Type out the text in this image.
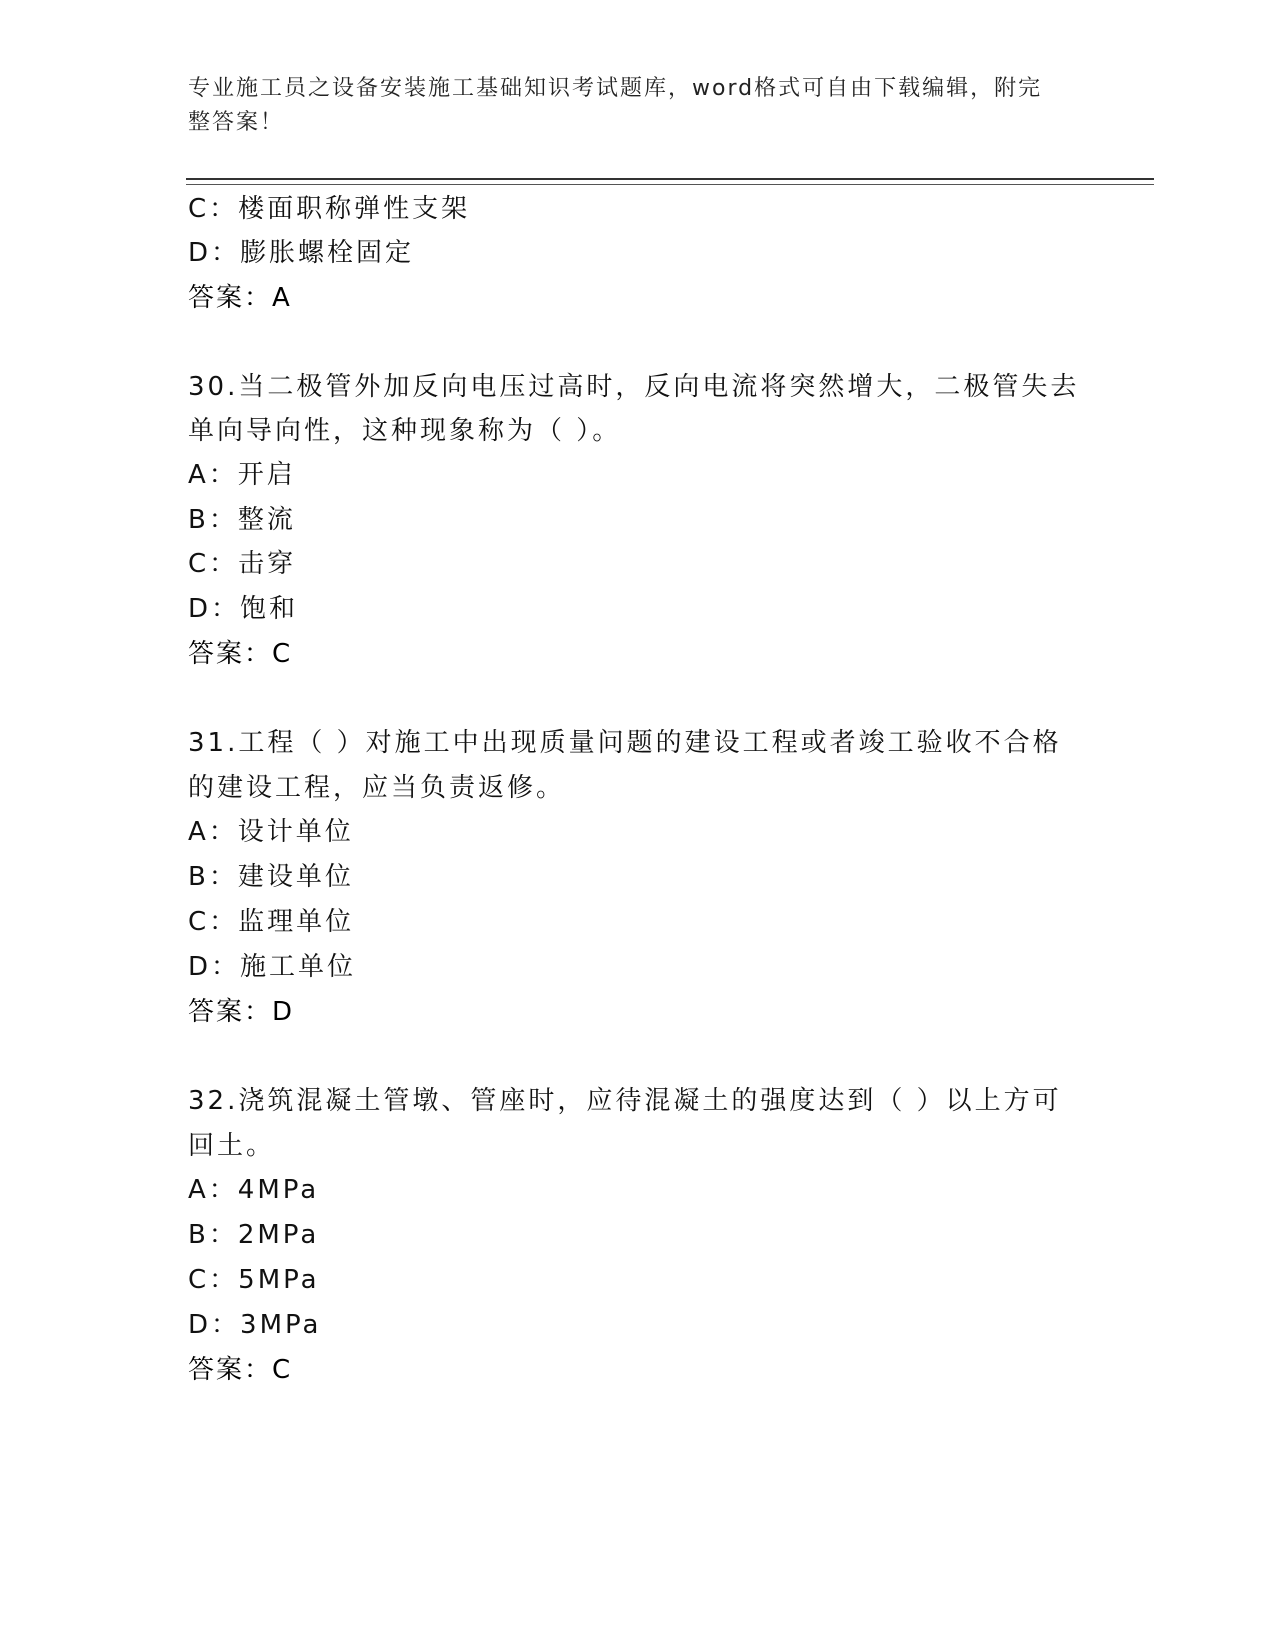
专业施工员之设备安装施工基础知识考试题库，word格式可自由下载编辑，附完
整答案！
C：楼面职称弹性支架
D：膨胀螺栓固定
答案：A
30.当二极管外加反向电压过高时，反向电流将突然增大，二极管失去
单向导向性，这种现象称为（ ）。
A：开启
B：整流
C：击穿
D：饱和
答案：C
31.工程（ ）对施工中出现质量问题的建设工程或者竣工验收不合格
的建设工程，应当负责返修。
A：设计单位
B：建设单位
C：监理单位
D：施工单位
答案：D
32.浇筑混凝土管墩、管座时，应待混凝土的强度达到（ ）以上方可
回土。
A：4MPa
B：2MPa
C：5MPa
D：3MPa
答案：C
